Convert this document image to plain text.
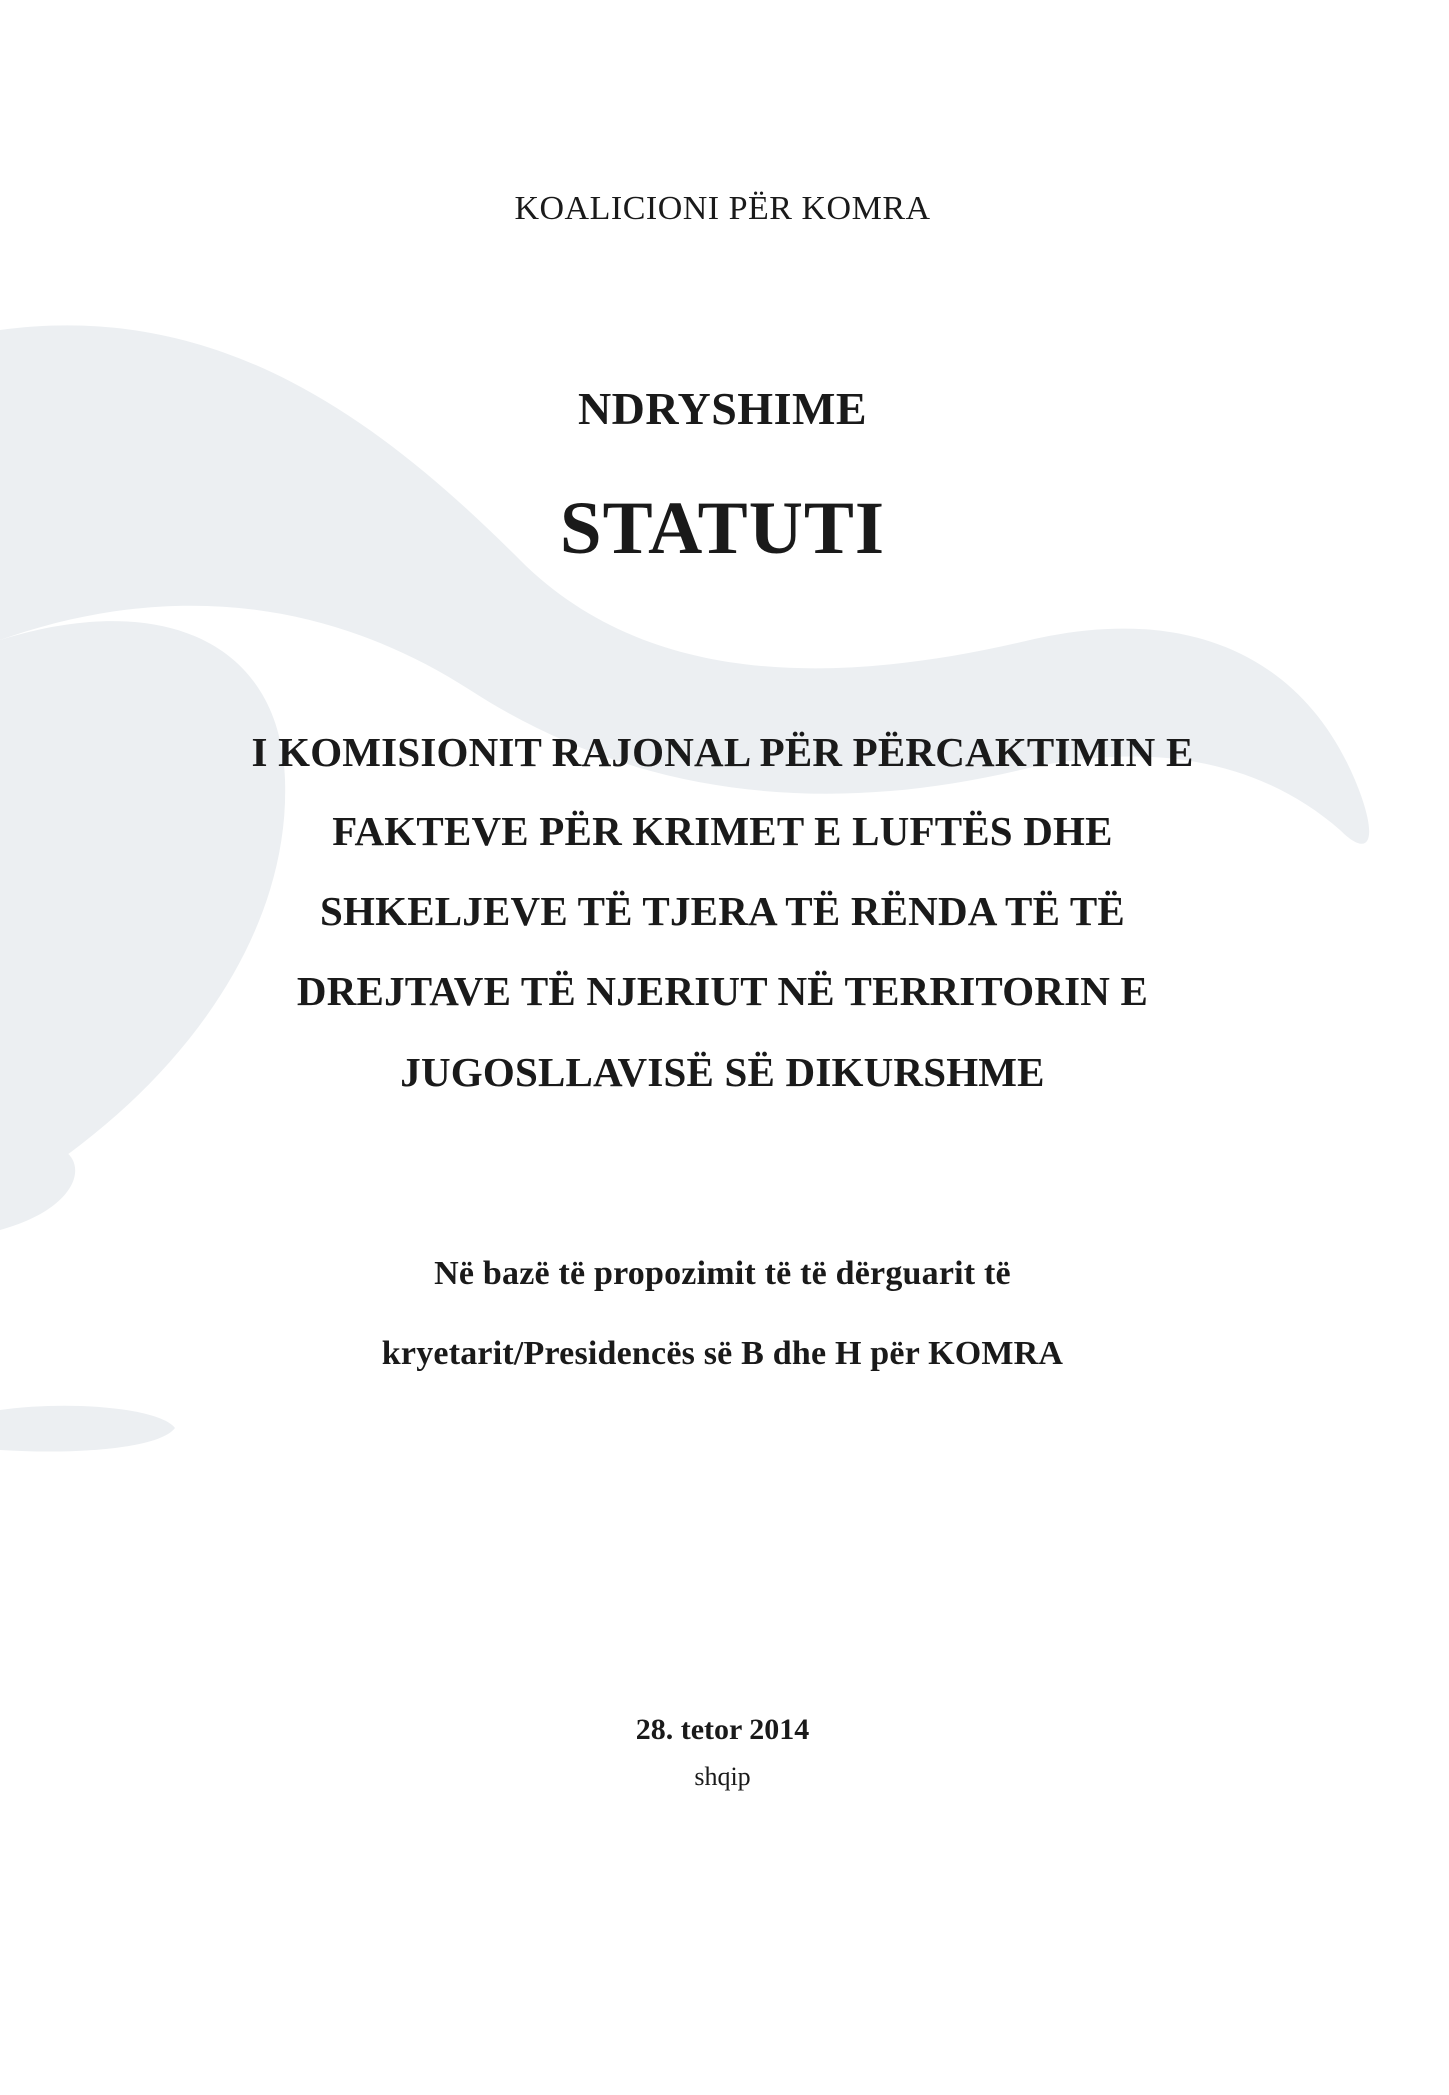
KOALICIONI PËR KOMRA
NDRYSHIME
STATUTI
I KOMISIONIT RAJONAL PËR PËRCAKTIMIN E
FAKTEVE PËR KRIMET E LUFTËS DHE
SHKELJEVE TË TJERA TË RËNDA TË TË
DREJTAVE TË NJERIUT NË TERRITORIN E
JUGOSLLAVISË SË DIKURSHME
Në bazë të propozimit të të dërguarit të
kryetarit/Presidencës së B dhe H për KOMRA
28. tetor 2014
shqip
